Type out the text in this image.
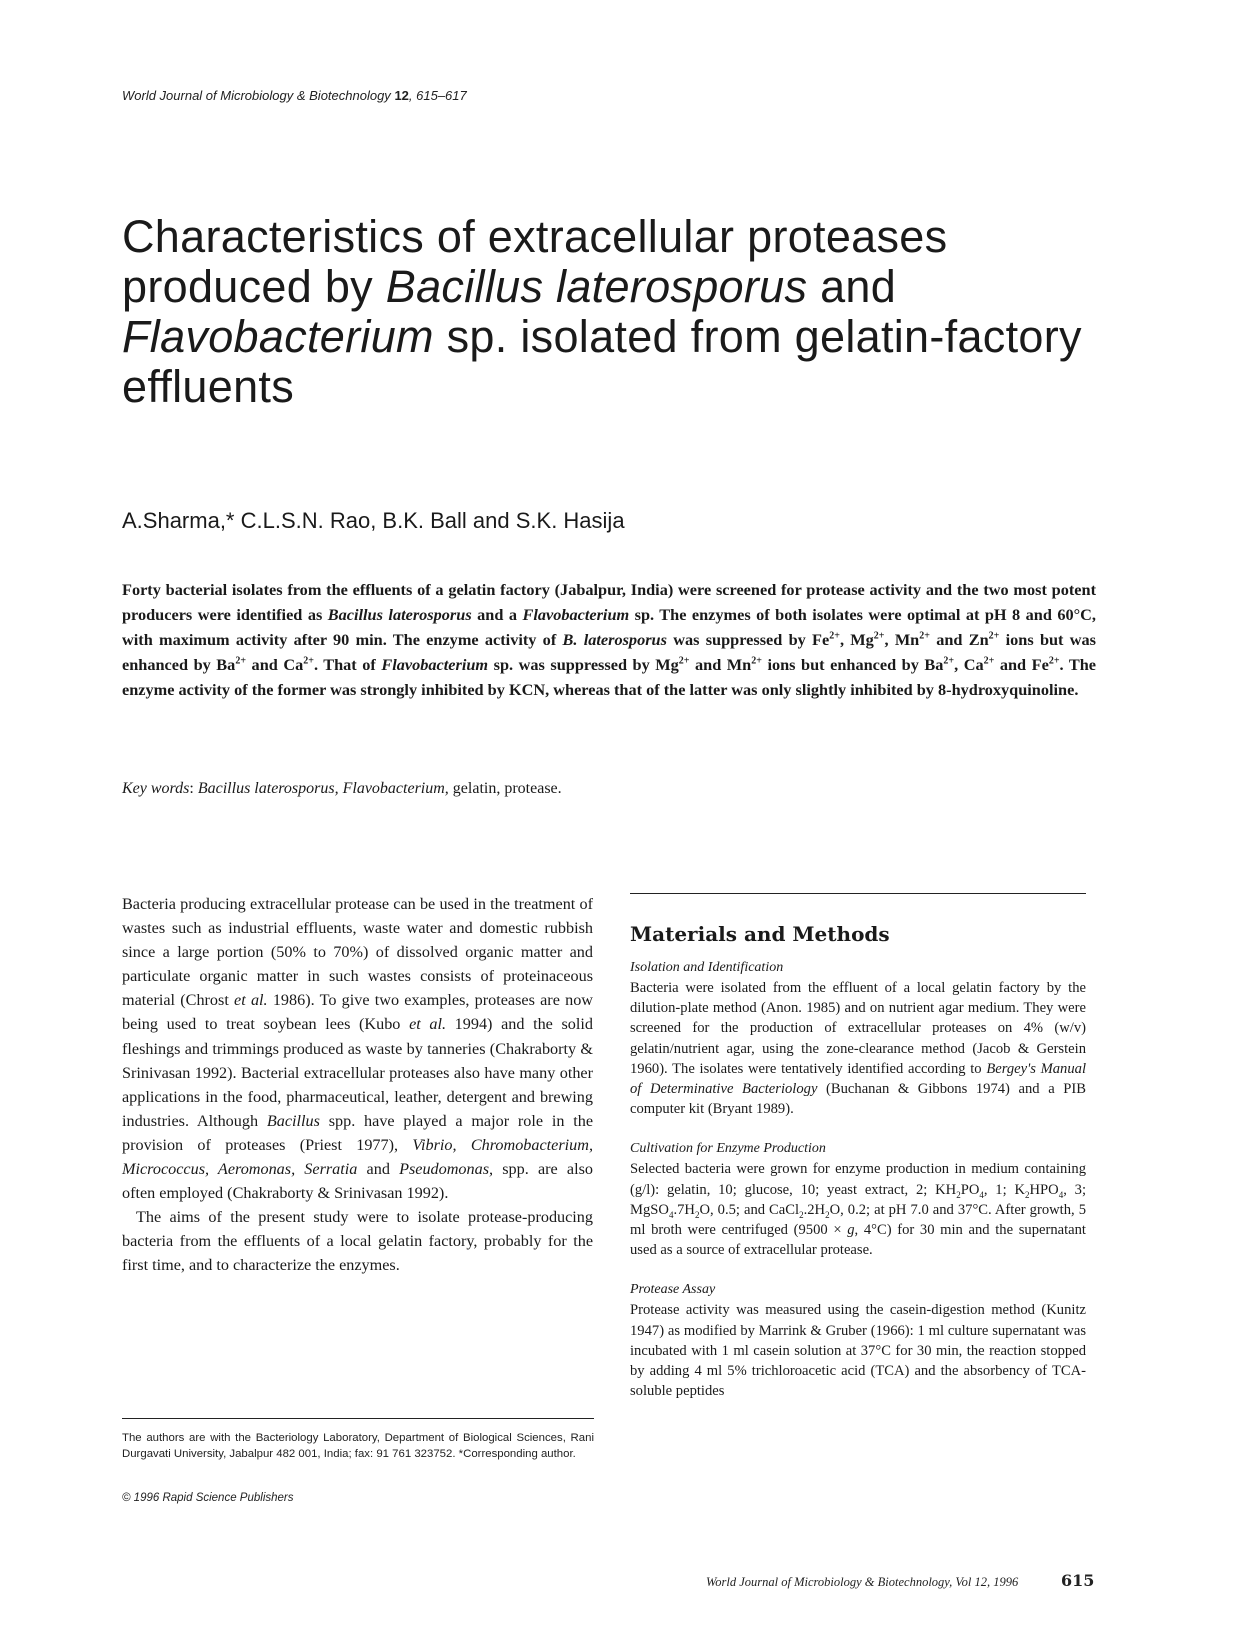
World Journal of Microbiology & Biotechnology 12, 615–617
Characteristics of extracellular proteases produced by Bacillus laterosporus and Flavobacterium sp. isolated from gelatin-factory effluents
A.Sharma,* C.L.S.N. Rao, B.K. Ball and S.K. Hasija
Forty bacterial isolates from the effluents of a gelatin factory (Jabalpur, India) were screened for protease activity and the two most potent producers were identified as Bacillus laterosporus and a Flavobacterium sp. The enzymes of both isolates were optimal at pH 8 and 60°C, with maximum activity after 90 min. The enzyme activity of B. laterosporus was suppressed by $Fe^{2+}$, $Mg^{2+}$, $Mn^{2+}$ and $Zn^{2+}$ ions but was enhanced by $Ba^{2+}$ and $Ca^{2+}$. That of Flavobacterium sp. was suppressed by $Mg^{2+}$ and $Mn^{2+}$ ions but enhanced by $Ba^{2+}$, $Ca^{2+}$ and $Fe^{2+}$. The enzyme activity of the former was strongly inhibited by KCN, whereas that of the latter was only slightly inhibited by 8-hydroxyquinoline.
Key words: Bacillus laterosporus, Flavobacterium, gelatin, protease.

Bacteria producing extracellular protease can be used in the treatment of wastes such as industrial effluents, waste water and domestic rubbish since a large portion (50% to 70%) of dissolved organic matter and particulate organic matter in such wastes consists of proteinaceous material (Chrost et al. 1986). To give two examples, proteases are now being used to treat soybean lees (Kubo et al. 1994) and the solid fleshings and trimmings produced as waste by tanneries (Chakraborty & Srinivasan 1992). Bacterial extracellular proteases also have many other applications in the food, pharmaceutical, leather, detergent and brewing industries. Although Bacillus spp. have played a major role in the provision of proteases (Priest 1977), Vibrio, Chromobacterium, Micrococcus, Aeromonas, Serratia and Pseudomonas, spp. are also often employed (Chakraborty & Srinivasan 1992).

The aims of the present study were to isolate protease-producing bacteria from the effluents of a local gelatin factory, probably for the first time, and to characterize the enzymes.

The authors are with the Bacteriology Laboratory, Department of Biological Sciences, Rani Durgavati University, Jabalpur 482 001, India; fax: 91 761 323752. *Corresponding author.
© 1996 Rapid Science Publishers
Materials and Methods

Isolation and Identification

Bacteria were isolated from the effluent of a local gelatin factory by the dilution-plate method (Anon. 1985) and on nutrient agar medium. They were screened for the production of extracellular proteases on 4% (w/v) gelatin/nutrient agar, using the zone-clearance method (Jacob & Gerstein 1960). The isolates were tentatively identified according to Bergey's Manual of Determinative Bacteriology (Buchanan & Gibbons 1974) and a PIB computer kit (Bryant 1989).

Cultivation for Enzyme Production

Selected bacteria were grown for enzyme production in medium containing (g/l): gelatin, 10; glucose, 10; yeast extract, 2; $KH_2PO_4$, 1; $K_2HPO_4$, 3; $MgSO_4.7H_2O$, 0.5; and $CaCl_2.2H_2O$, 0.2; at pH 7.0 and 37°C. After growth, 5 ml broth were centrifuged (9500 × g, 4°C) for 30 min and the supernatant used as a source of extracellular protease.

Protease Assay

Protease activity was measured using the casein-digestion method (Kunitz 1947) as modified by Marrink & Gruber (1966): 1 ml culture supernatant was incubated with 1 ml casein solution at 37°C for 30 min, the reaction stopped by adding 4 ml 5% trichloroacetic acid (TCA) and the absorbency of TCA-soluble peptides

World Journal of Microbiology & Biotechnology, Vol 12, 1996	615
